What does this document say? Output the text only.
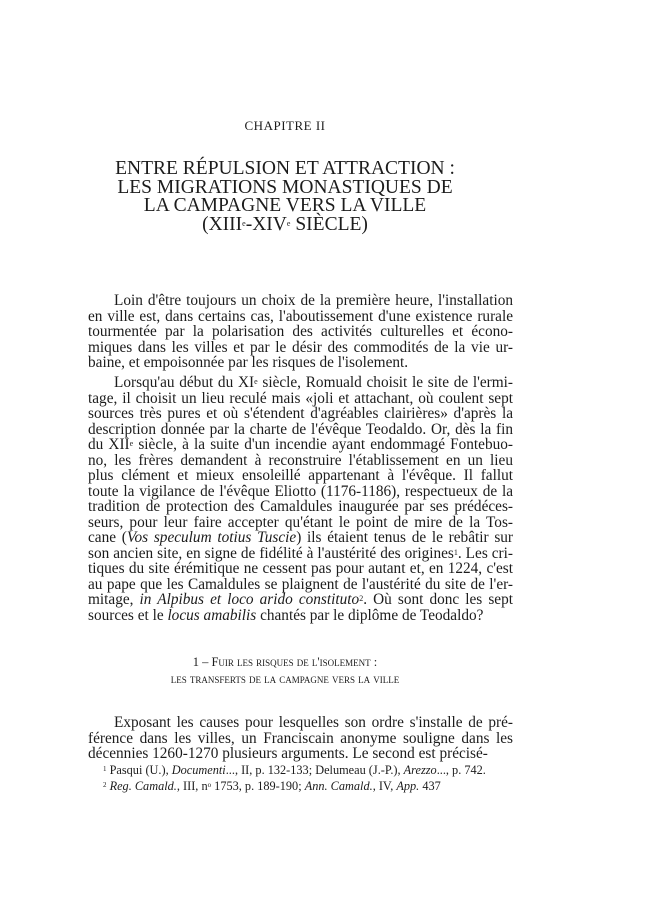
CHAPITRE II
ENTRE RÉPULSION ET ATTRACTION :
LES MIGRATIONS MONASTIQUES DE
LA CAMPAGNE VERS LA VILLE
(XIIIe-XIVe SIÈCLE)
Loin d'être toujours un choix de la première heure, l'installation
en ville est, dans certains cas, l'aboutissement d'une existence rurale
tourmentée par la polarisation des activités culturelles et écono-
miques dans les villes et par le désir des commodités de la vie ur-
baine, et empoisonnée par les risques de l'isolement.
Lorsqu'au début du XIe siècle, Romuald choisit le site de l'ermi-
tage, il choisit un lieu reculé mais «joli et attachant, où coulent sept
sources très pures et où s'étendent d'agréables clairières» d'après la
description donnée par la charte de l'évêque Teodaldo. Or, dès la fin
du XIIe siècle, à la suite d'un incendie ayant endommagé Fontebuo-
no, les frères demandent à reconstruire l'établissement en un lieu
plus clément et mieux ensoleillé appartenant à l'évêque. Il fallut
toute la vigilance de l'évêque Eliotto (1176-1186), respectueux de la
tradition de protection des Camaldules inaugurée par ses prédéces-
seurs, pour leur faire accepter qu'étant le point de mire de la Tos-
cane (Vos speculum totius Tuscie) ils étaient tenus de le rebâtir sur
son ancien site, en signe de fidélité à l'austérité des origines$^1$. Les cri-
tiques du site érémitique ne cessent pas pour autant et, en 1224, c'est
au pape que les Camaldules se plaignent de l'austérité du site de l'er-
mitage, in Alpibus et loco arido constituto$^2$. Où sont donc les sept
sources et le locus amabilis chantés par le diplôme de Teodaldo?
1 – Fuir les risques de l'isolement :
les transferts de la campagne vers la ville
Exposant les causes pour lesquelles son ordre s'installe de pré-
férence dans les villes, un Franciscain anonyme souligne dans les
décennies 1260-1270 plusieurs arguments. Le second est précisé-
$^1$ Pasqui (U.), Documenti..., II, p. 132-133; Delumeau (J.-P.), Arezzo..., p. 742.
$^2$ Reg. Camald., III, $n^o$ 1753, p. 189-190; Ann. Camald., IV, App. 437
